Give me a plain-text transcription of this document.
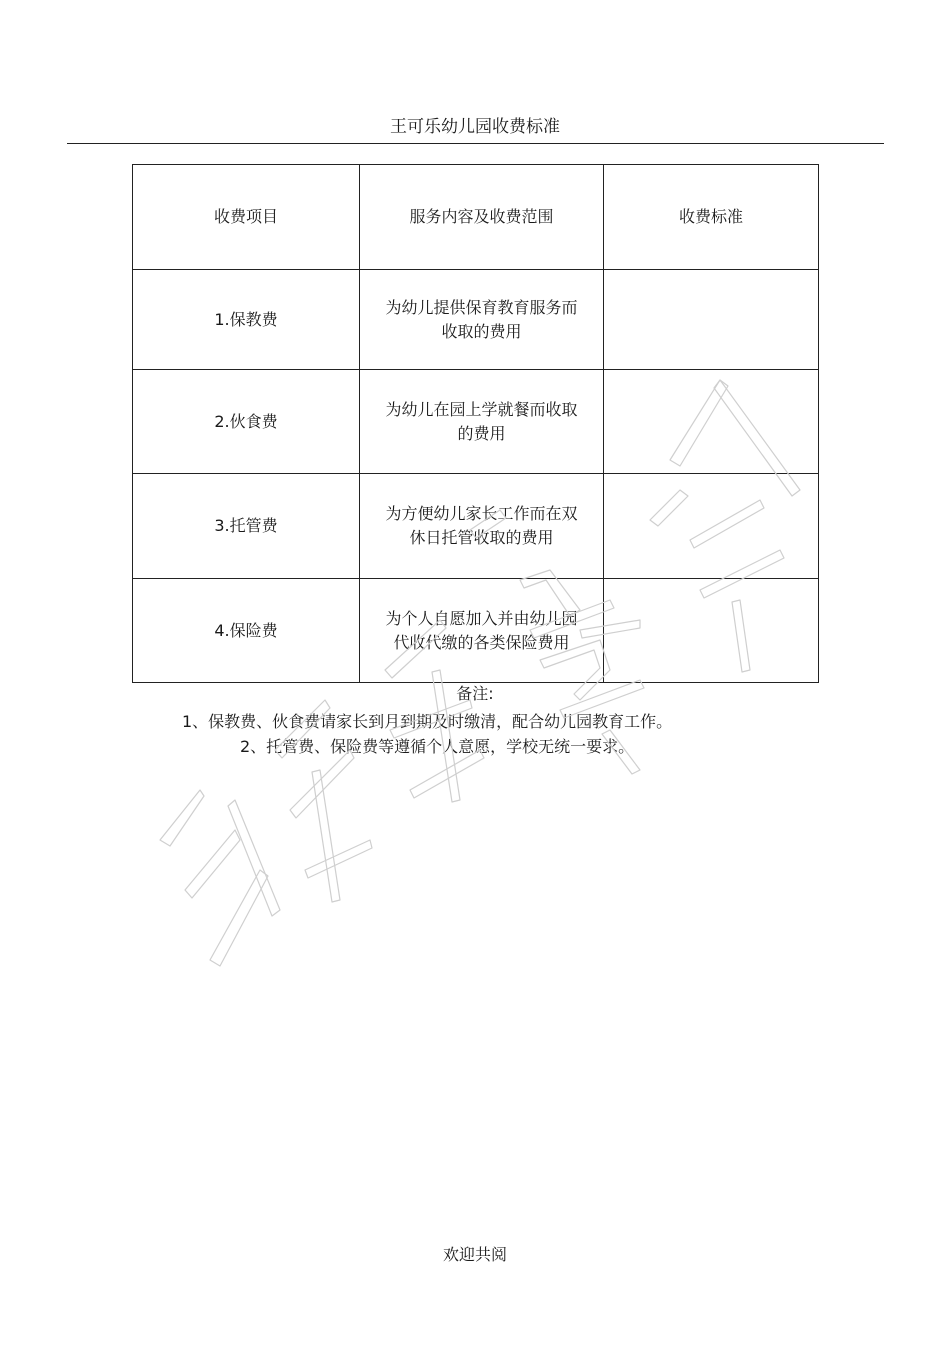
王可乐幼儿园收费标准
收费项目	服务内容及收费范围	收费标准
1.保教费	为幼儿提供保育教育服务而收取的费用	
2.伙食费	为幼儿在园上学就餐而收取的费用	
3.托管费	为方便幼儿家长工作而在双休日托管收取的费用	
4.保险费	为个人自愿加入并由幼儿园代收代缴的各类保险费用	
备注:
1、保教费、伙食费请家长到月到期及时缴清，配合幼儿园教育工作。
2、托管费、保险费等遵循个人意愿，学校无统一要求。
欢迎共阅
